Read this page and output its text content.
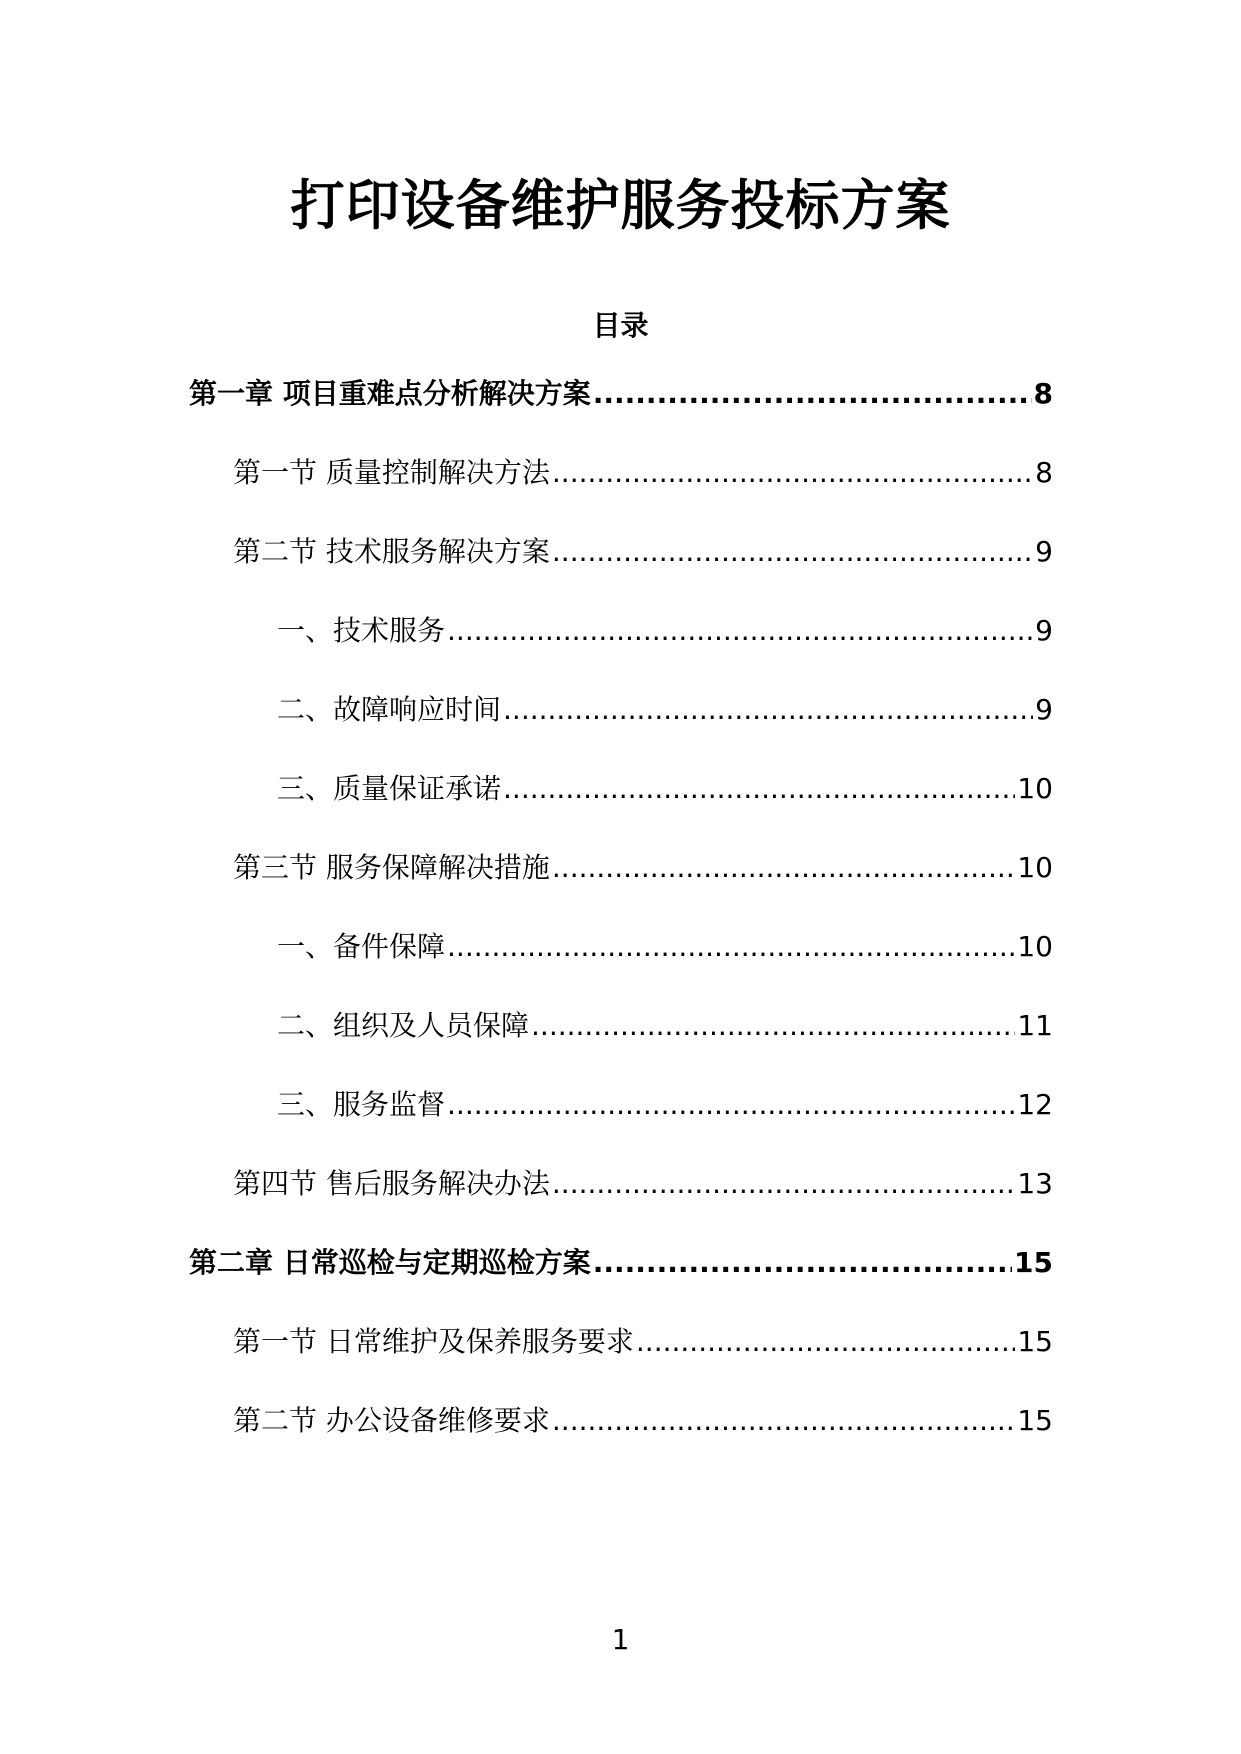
打印设备维护服务投标方案
目录
第一章 项目重难点分析解决方案 .....	8
第一节 质量控制解决方法 .....	8
第二节 技术服务解决方案 .....	9
一、技术服务 .....	9
二、故障响应时间 .....	9
三、质量保证承诺 .....	10
第三节 服务保障解决措施 .....	10
一、备件保障 .....	10
二、组织及人员保障 .....	11
三、服务监督 .....	12
第四节 售后服务解决办法 .....	13
第二章 日常巡检与定期巡检方案 .....	15
第一节 日常维护及保养服务要求 .....	15
第二节 办公设备维修要求 .....	15
1
